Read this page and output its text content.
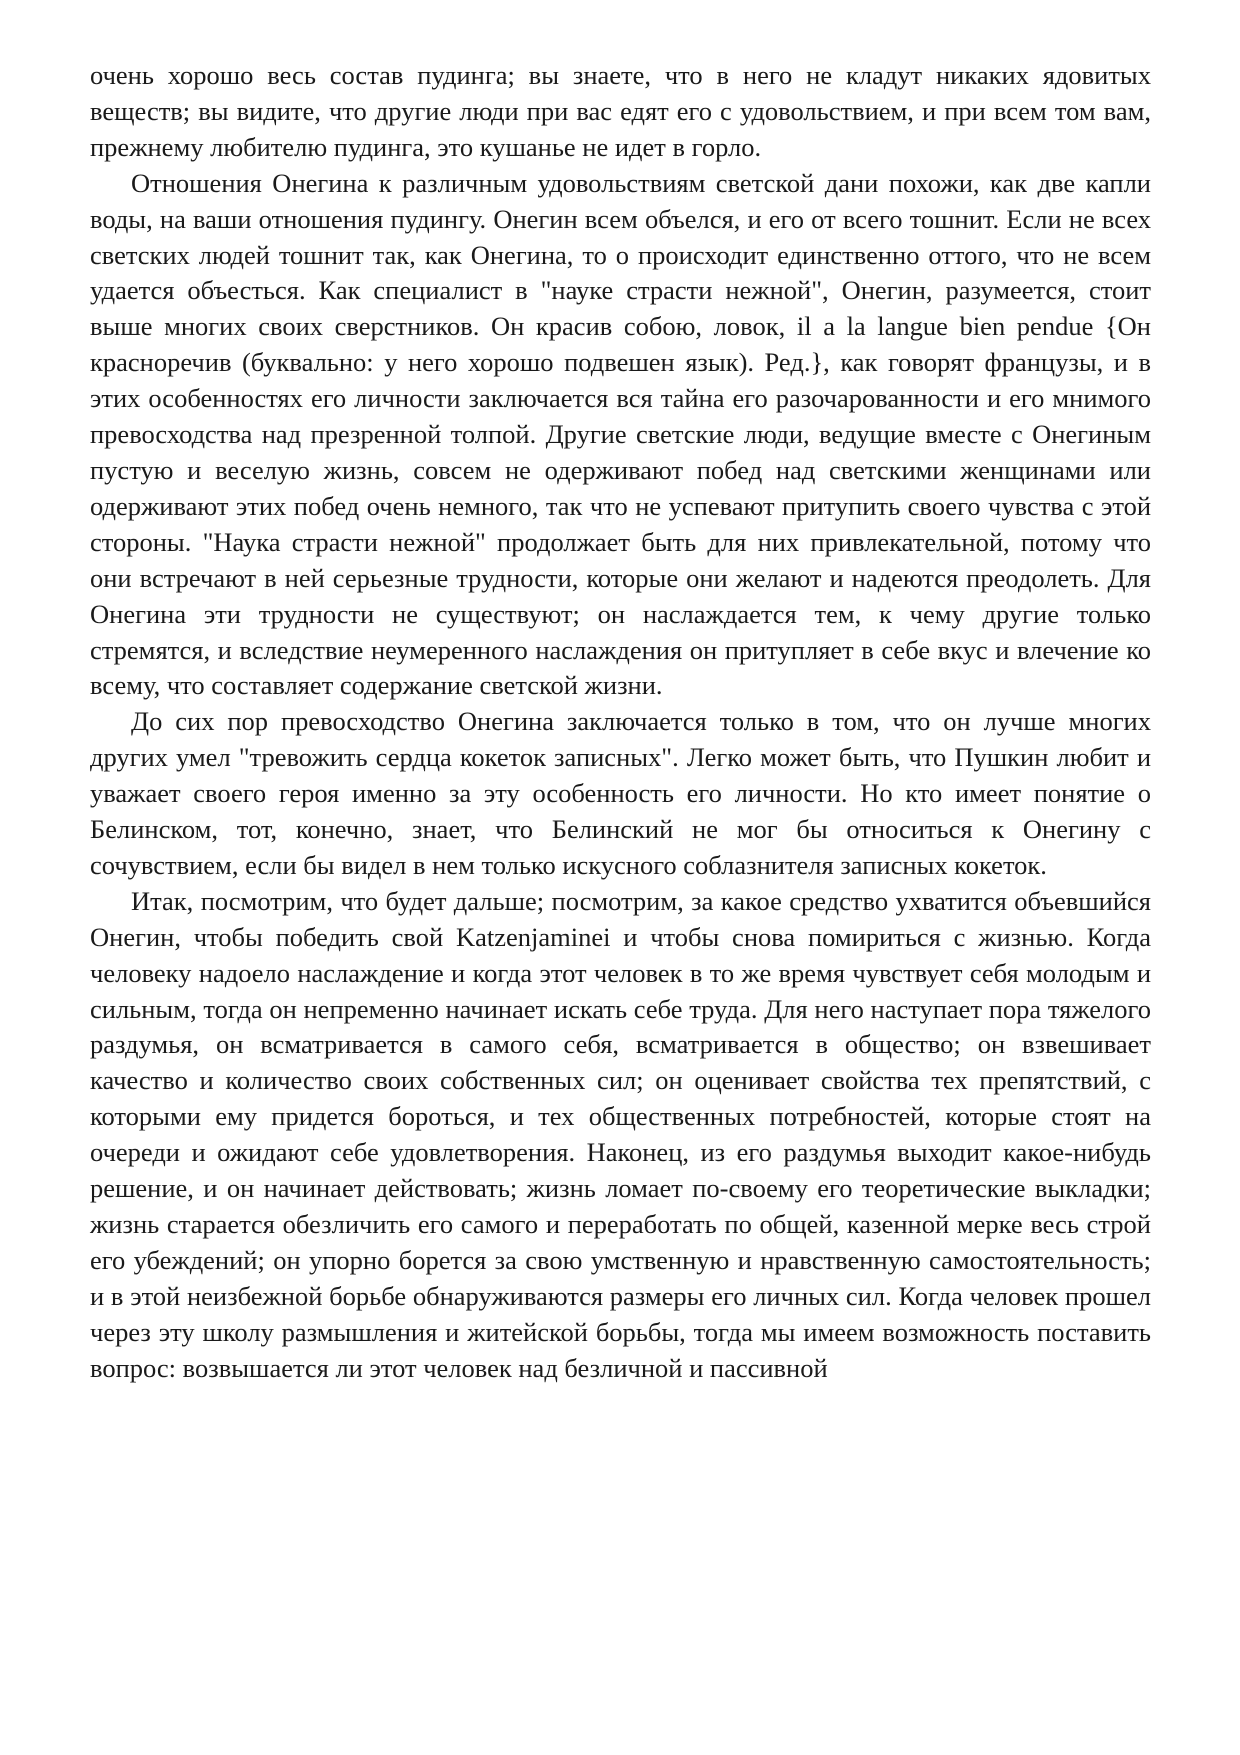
очень хорошо весь состав пудинга; вы знаете, что в него не кладут никаких ядовитых веществ; вы видите, что другие люди при вас едят его с удовольствием, и при всем том вам, прежнему любителю пудинга, это кушанье не идет в горло.

Отношения Онегина к различным удовольствиям светской дани похожи, как две капли воды, на ваши отношения пудингу. Онегин всем объелся, и его от всего тошнит. Если не всех светских людей тошнит так, как Онегина, то о происходит единственно оттого, что не всем удается объесться. Как специалист в "науке страсти нежной", Онегин, разумеется, стоит выше многих своих сверстников. Он красив собою, ловок, il a la langue bien pendue {Он красноречив (буквально: у него хорошо подвешен язык). Ред.}, как говорят французы, и в этих особенностях его личности заключается вся тайна его разочарованности и его мнимого превосходства над презренной толпой. Другие светские люди, ведущие вместе с Онегиным пустую и веселую жизнь, совсем не одерживают побед над светскими женщинами или одерживают этих побед очень немного, так что не успевают притупить своего чувства с этой стороны. "Наука страсти нежной" продолжает быть для них привлекательной, потому что они встречают в ней серьезные трудности, которые они желают и надеются преодолеть. Для Онегина эти трудности не существуют; он наслаждается тем, к чему другие только стремятся, и вследствие неумеренного наслаждения он притупляет в себе вкус и влечение ко всему, что составляет содержание светской жизни.

До сих пор превосходство Онегина заключается только в том, что он лучше многих других умел "тревожить сердца кокеток записных". Легко может быть, что Пушкин любит и уважает своего героя именно за эту особенность его личности. Но кто имеет понятие о Белинском, тот, конечно, знает, что Белинский не мог бы относиться к Онегину с сочувствием, если бы видел в нем только искусного соблазнителя записных кокеток.

Итак, посмотрим, что будет дальше; посмотрим, за какое средство ухватится объевшийся Онегин, чтобы победить свой Katzenjaminei и чтобы снова помириться с жизнью. Когда человеку надоело наслаждение и когда этот человек в то же время чувствует себя молодым и сильным, тогда он непременно начинает искать себе труда. Для него наступает пора тяжелого раздумья, он всматривается в самого себя, всматривается в общество; он взвешивает качество и количество своих собственных сил; он оценивает свойства тех препятствий, с которыми ему придется бороться, и тех общественных потребностей, которые стоят на очереди и ожидают себе удовлетворения. Наконец, из его раздумья выходит какое-нибудь решение, и он начинает действовать; жизнь ломает по-своему его теоретические выкладки; жизнь старается обезличить его самого и переработать по общей, казенной мерке весь строй его убеждений; он упорно борется за свою умственную и нравственную самостоятельность; и в этой неизбежной борьбе обнаруживаются размеры его личных сил. Когда человек прошел через эту школу размышления и житейской борьбы, тогда мы имеем возможность поставить вопрос: возвышается ли этот человек над безличной и пассивной
